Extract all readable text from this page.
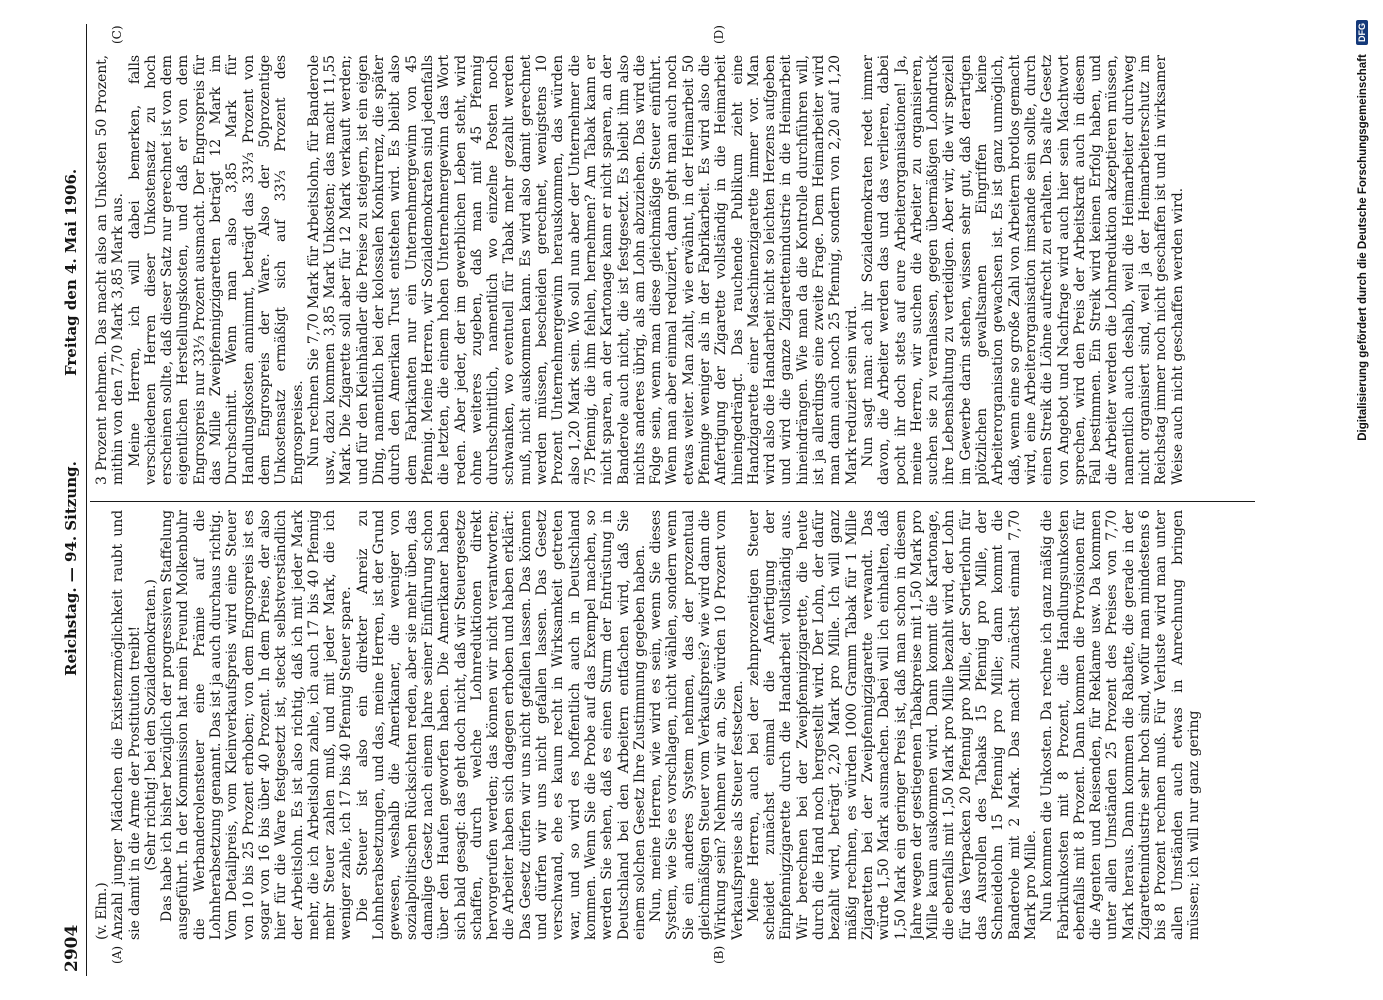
2904
Reichstag. — 94. Sitzung.
Freitag den 4. Mai 1906.
(A)	(B)
(C)	(D)

(v. Elm.) Anzahl junger Mädchen die Existenzmöglichkeit raubt und sie damit in die Arme der Prostitution treibt! (Sehr richtig! bei den Sozialdemokraten.) Das habe ich bisher bezüglich der progressiven Staffelung ausgeführt. In der Kommission hat mein Freund Molkenbuhr die Werbanderolensteuer eine Prämie auf die Lohnherabsetzung genannt. Das ist ja auch durchaus richtig. Vom Detailpreis, vom Kleinverkaufspreis wird eine Steuer von 10 bis 25 Prozent erhoben; von dem Engrospreis ist es sogar von 16 bis über 40 Prozent. In dem Preise, der also hier für die Ware festgesetzt ist, steckt selbstverständlich der Arbeitslohn. Es ist also richtig, daß ich mit jeder Mark mehr, die ich Arbeitslohn zahle, ich auch 17 bis 40 Pfennig mehr Steuer zahlen muß, und mit jeder Mark, die ich weniger zahle, ich 17 bis 40 Pfennig Steuer spare. Die Steuer ist also ein direkter Anreiz zu Lohnherabsetzungen, und das, meine Herren, ist der Grund gewesen, weshalb die Amerikaner, die weniger von sozialpolitischen Rücksichten reden, aber sie mehr üben, das damalige Gesetz nach einem Jahre seiner Einführung schon über den Haufen geworfen haben. Die Amerikaner haben sich bald gesagt: das geht doch nicht, daß wir Steuergesetze schaffen, durch welche Lohnreduktionen direkt hervorgerufen werden; das können wir nicht verantworten; die Arbeiter haben sich dagegen erhoben und haben erklärt: Das Gesetz dürfen wir uns nicht gefallen lassen. Das können und dürfen wir uns nicht gefallen lassen. Das Gesetz verschwand, ehe es kaum recht in Wirksamkeit getreten war, und so wird es hoffentlich auch in Deutschland kommen. Wenn Sie die Probe auf das Exempel machen, so werden Sie sehen, daß es einen Sturm der Entrüstung in Deutschland bei den Arbeitern entfachen wird, daß Sie einem solchen Gesetz Ihre Zustimmung gegeben haben. Nun, meine Herren, wie wird es sein, wenn Sie dieses System, wie Sie es vorschlagen, nicht wählen, sondern wenn Sie ein anderes System nehmen, das der prozentual gleichmäßigen Steuer vom Verkaufspreis? wie wird dann die Wirkung sein? Nehmen wir an, Sie würden 10 Prozent vom Verkaufspreise als Steuer festsetzen. Meine Herren, auch bei der zehnprozentigen Steuer scheidet zunächst einmal die Anfertigung der Einpfennigzigarette durch die Handarbeit vollständig aus. Wir berechnen bei der Zweipfennigzigarette, die heute durch die Hand noch hergestellt wird. Der Lohn, der dafür bezahlt wird, beträgt 2,20 Mark pro Mille. Ich will ganz mäßig rechnen, es würden 1000 Gramm Tabak für 1 Mille Zigaretten bei der Zweipfennigzigarette verwandt. Das würde 1,50 Mark ausmachen. Dabei will ich einhalten, daß 1,50 Mark ein geringer Preis ist, daß man schon in diesem Jahre wegen der gestiegenen Tabakpreise mit 1,50 Mark pro Mille kaum auskommen wird. Dann kommt die Kartonage, die ebenfalls mit 1,50 Mark pro Mille bezahlt wird, der Lohn für das Verpacken 20 Pfennig pro Mille, der Sortierlohn für das Ausrollen des Tabaks 15 Pfennig pro Mille, der Schneidelohn 15 Pfennig pro Mille; dann kommt die Banderole mit 2 Mark. Das macht zunächst einmal 7,70 Mark pro Mille. Nun kommen die Unkosten. Da rechne ich ganz mäßig die Fabrikunkosten mit 8 Prozent, die Handlungsunkosten ebenfalls mit 8 Prozent. Dann kommen die Provisionen für die Agenten und Reisenden, für Reklame usw. Da kommen unter allen Umständen 25 Prozent des Preises von 7,70 Mark heraus. Dann kommen die Rabatte, die gerade in der Zigarettenindustrie sehr hoch sind, wofür man mindestens 6 bis 8 Prozent rechnen muß. Für Verluste wird man unter allen Umständen auch etwas in Anrechnung bringen müssen; ich will nur ganz gering

3 Prozent nehmen. Das macht also an Unkosten 50 Prozent, mithin von den 7,70 Mark 3,85 Mark aus. Meine Herren, ich will dabei bemerken, falls verschiedenen Herren dieser Unkostensatz zu hoch erscheinen sollte, daß dieser Satz nur gerechnet ist von dem eigentlichen Herstellungskosten, und daß er von dem Engrospreis nur 33⅓ Prozent ausmacht. Der Engrospreis für das Mille Zweipfennigzigaretten beträgt 12 Mark im Durchschnitt. Wenn man also 3,85 Mark für Handlungskosten annimmt, beträgt das 33⅓ Prozent von dem Engrospreis der Ware. Also der 50prozentige Unkostensatz ermäßigt sich auf 33⅓ Prozent des Engrospreises. Nun rechnen Sie 7,70 Mark für Arbeitslohn, für Banderole usw., dazu kommen 3,85 Mark Unkosten; das macht 11,55 Mark. Die Zigarette soll aber für 12 Mark verkauft werden; und für den Kleinhändler die Preise zu steigern, ist ein eigen Ding, namentlich bei der kolossalen Konkurrenz, die später durch den Amerikan Trust entstehen wird. Es bleibt also dem Fabrikanten nur ein Unternehmergewinn von 45 Pfennig. Meine Herren, wir Sozialdemokraten sind jedenfalls die letzten, die einem hohen Unternehmergewinn das Wort reden. Aber jeder, der im gewerblichen Leben steht, wird ohne weiteres zugeben, daß man mit 45 Pfennig durchschnittlich, namentlich wo einzelne Posten noch schwanken, wo eventuell für Tabak mehr gezahlt werden muß, nicht auskommen kann. Es wird also damit gerechnet werden müssen, bescheiden gerechnet, wenigstens 10 Prozent Unternehmergewinn herauskommen, das würden also 1,20 Mark sein. Wo soll nun aber der Unternehmer die 75 Pfennig, die ihm fehlen, hernehmen? Am Tabak kann er nicht sparen, an der Kartonage kann er nicht sparen, an der Banderole auch nicht, die ist festgesetzt. Es bleibt ihm also nichts anderes übrig, als am Lohn abzuziehen. Das wird die Folge sein, wenn man diese gleichmäßige Steuer einführt. Wenn man aber einmal reduziert, dann geht man auch noch etwas weiter. Man zahlt, wie erwähnt, in der Heimarbeit 50 Pfennige weniger als in der Fabrikarbeit. Es wird also die Anfertigung der Zigarette vollständig in die Heimarbeit hineingedrängt. Das rauchende Publikum zieht eine Handzigarette einer Maschinenzigarette immer vor. Man wird also die Handarbeit nicht so leichten Herzens aufgeben und wird die ganze Zigarettenindustrie in die Heimarbeit hineindrängen. Wie man da die Kontrolle durchführen will, ist ja allerdings eine zweite Frage. Dem Heimarbeiter wird man dann auch noch 25 Pfennig, sondern von 2,20 auf 1,20 Mark reduziert sein wird. Nun sagt man: ach ihr Sozialdemokraten redet immer davon, die Arbeiter werden das und das verlieren, dabei pocht ihr doch stets auf eure Arbeiterorganisationen! Ja, meine Herren, wir suchen die Arbeiter zu organisieren, suchen sie zu veranlassen, gegen übermäßigen Lohndruck ihre Lebenshaltung zu verteidigen. Aber wir, die wir speziell im Gewerbe darin stehen, wissen sehr gut, daß derartigen plötzlichen gewaltsamen Eingriffen keine Arbeiterorganisation gewachsen ist. Es ist ganz unmöglich, daß, wenn eine so große Zahl von Arbeitern brotlos gemacht wird, eine Arbeiterorganisation imstande sein sollte, durch einen Streik die Löhne aufrecht zu erhalten. Das alte Gesetz von Angebot und Nachfrage wird auch hier sein Machtwort sprechen, wird den Preis der Arbeitskraft auch in diesem Fall bestimmen. Ein Streik wird keinen Erfolg haben, und die Arbeiter werden die Lohnreduktion akzeptieren müssen, namentlich auch deshalb, weil die Heimarbeiter durchweg nicht organisiert sind, weil ja der Heimarbeiterschutz im Reichstag immer noch nicht geschaffen ist und in wirksamer Weise auch nicht geschaffen werden wird.	Digitalisierung gefördert durch die Deutsche Forschungsgemeinschaft DFG
